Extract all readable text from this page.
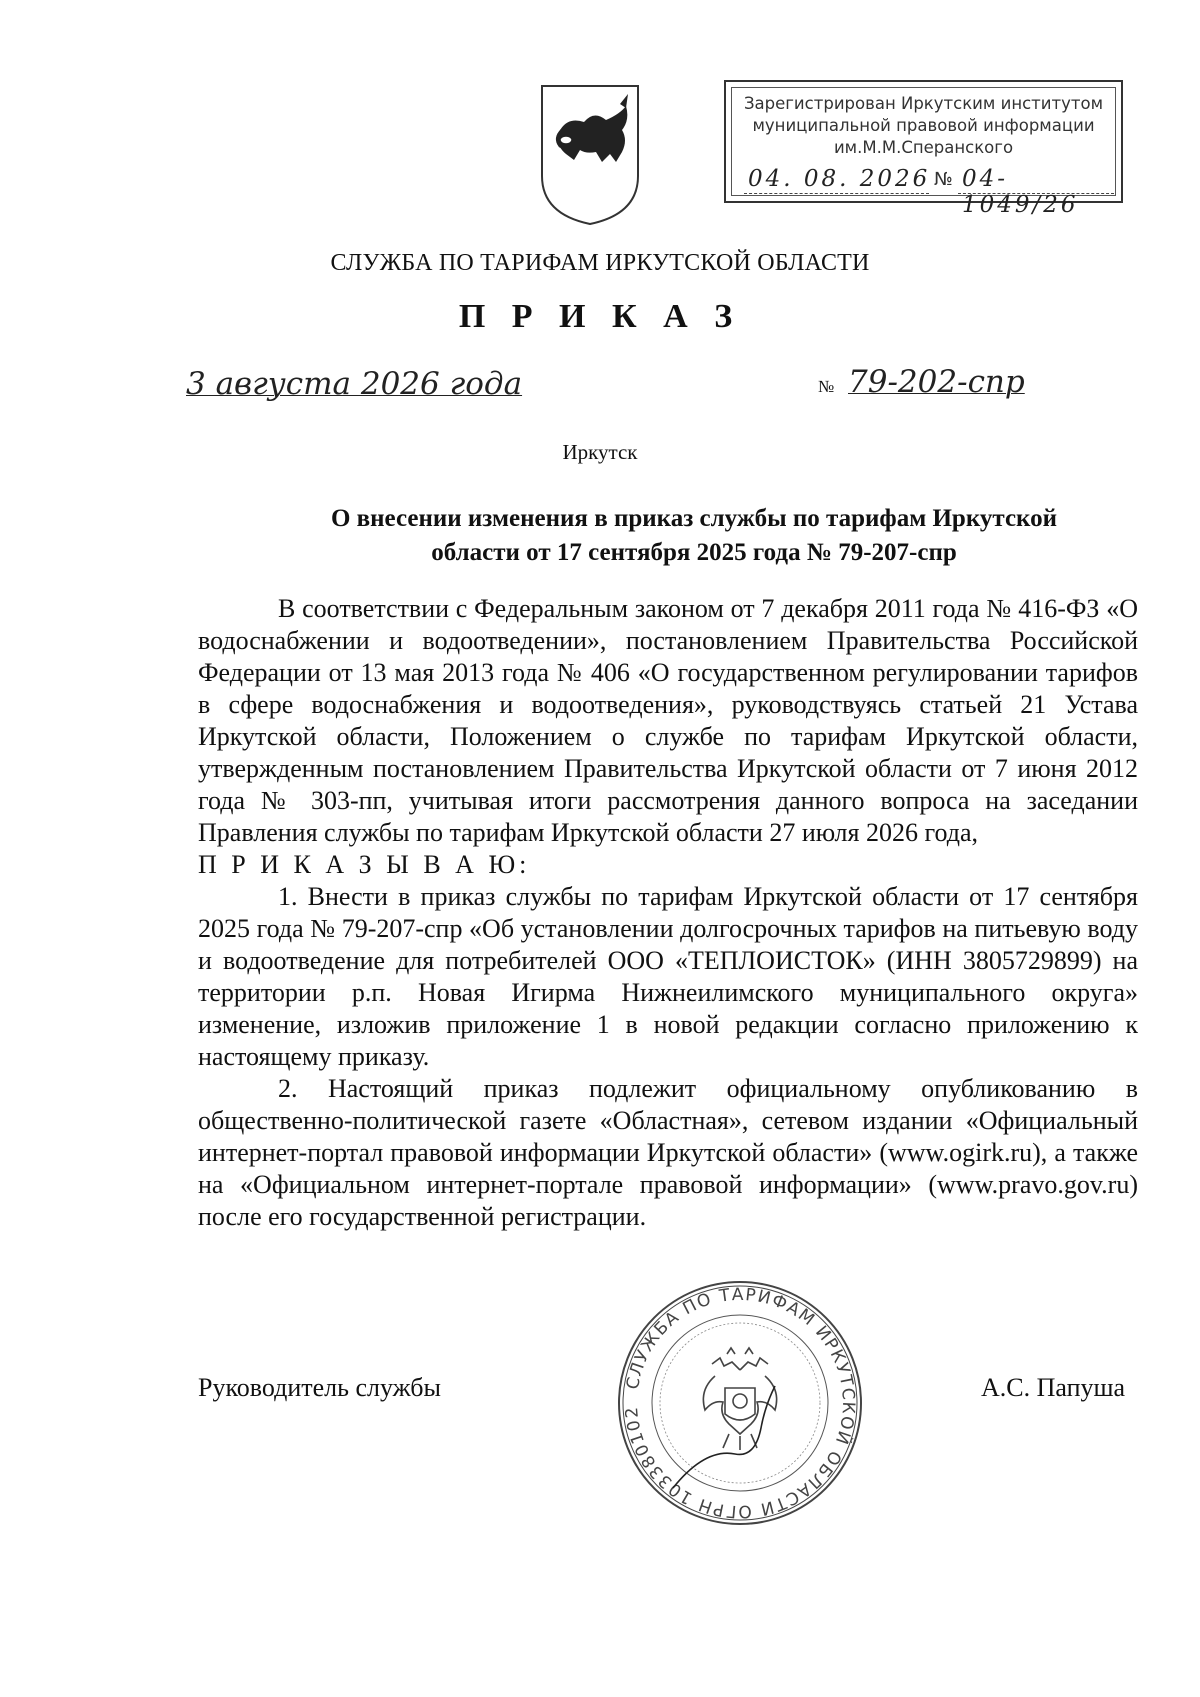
Зарегистрирован Иркутским институтом
муниципальной правовой информации
им.М.М.Сперанского
04. 08. 2026 № 04-1049/26
СЛУЖБА ПО ТАРИФАМ ИРКУТСКОЙ ОБЛАСТИ
П Р И К А З
3 августа 2026 года	№ 79-202-спр
Иркутск
О внесении изменения в приказ службы по тарифам Иркутской
области от 17 сентября 2025 года № 79-207-спр

В соответствии с Федеральным законом от 7 декабря 2011 года № 416-ФЗ «О водоснабжении и водоотведении», постановлением Правительства Российской Федерации от 13 мая 2013 года № 406 «О государственном регулировании тарифов в сфере водоснабжения и водоотведения», руководствуясь статьей 21 Устава Иркутской области, Положением о службе по тарифам Иркутской области, утвержденным постановлением Правительства Иркутской области от 7 июня 2012 года № 303-пп, учитывая итоги рассмотрения данного вопроса на заседании Правления службы по тарифам Иркутской области 27 июля 2026 года,

П Р И К А З Ы В А Ю:

1. Внести в приказ службы по тарифам Иркутской области от 17 сентября 2025 года № 79-207-спр «Об установлении долгосрочных тарифов на питьевую воду и водоотведение для потребителей ООО «ТЕПЛОИСТОК» (ИНН 3805729899) на территории р.п. Новая Игирма Нижнеилимского муниципального округа» изменение, изложив приложение 1 в новой редакции согласно приложению к настоящему приказу.

2. Настоящий приказ подлежит официальному опубликованию в общественно-политической газете «Областная», сетевом издании «Официальный интернет-портал правовой информации Иркутской области» (www.ogirk.ru), а также на «Официальном интернет-портале правовой информации» (www.pravo.gov.ru) после его государственной регистрации.

Руководитель службы	А.С. Папуша
СЛУЖБА ПО ТАРИФАМ ИРКУТСКОЙ ОБЛАСТИ ОГРН 103380102
